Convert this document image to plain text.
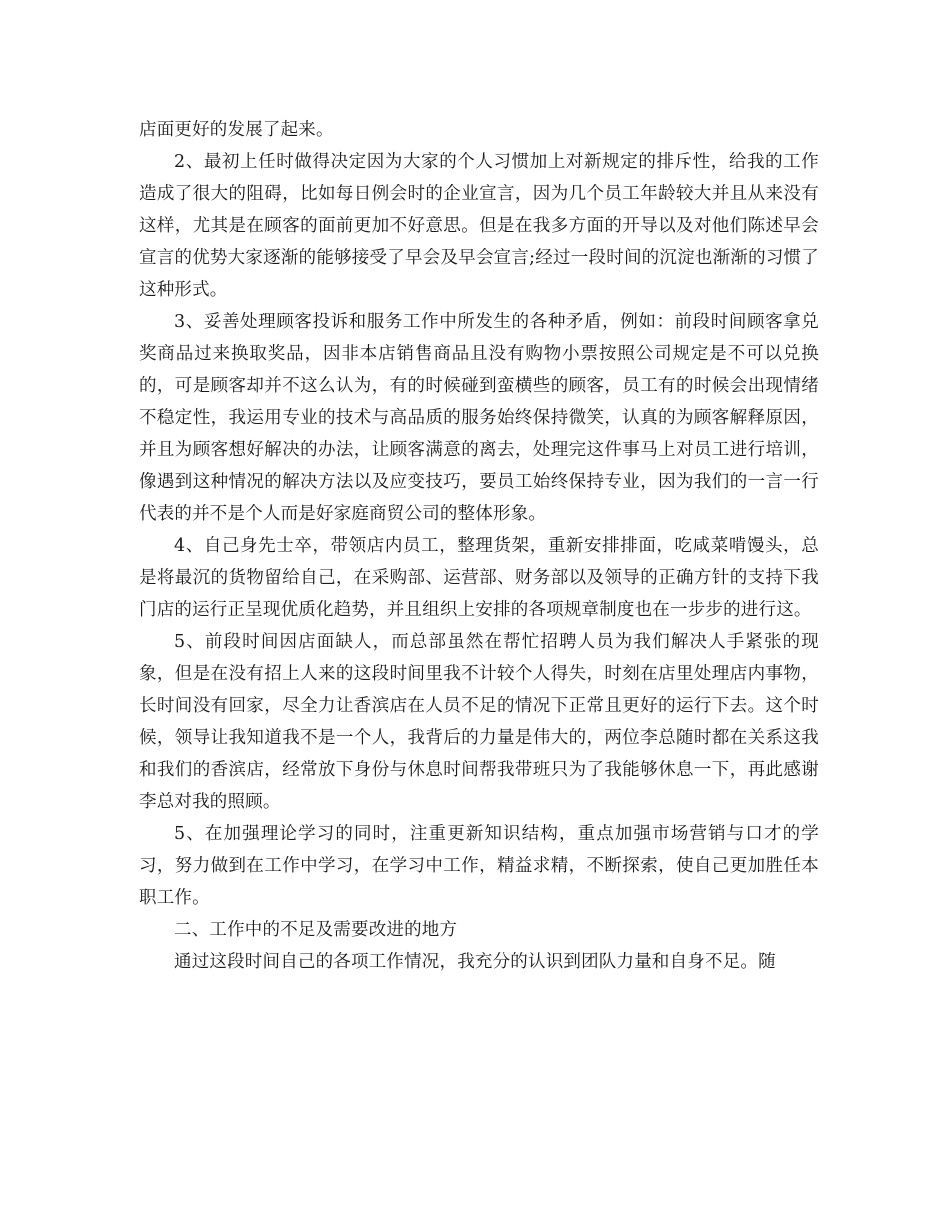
店面更好的发展了起来。

2、最初上任时做得决定因为大家的个人习惯加上对新规定的排斥性，给我的工作造成了很大的阻碍，比如每日例会时的企业宣言，因为几个员工年龄较大并且从来没有这样，尤其是在顾客的面前更加不好意思。但是在我多方面的开导以及对他们陈述早会宣言的优势大家逐渐的能够接受了早会及早会宣言;经过一段时间的沉淀也渐渐的习惯了这种形式。

3、妥善处理顾客投诉和服务工作中所发生的各种矛盾，例如：前段时间顾客拿兑奖商品过来换取奖品，因非本店销售商品且没有购物小票按照公司规定是不可以兑换的，可是顾客却并不这么认为，有的时候碰到蛮横些的顾客，员工有的时候会出现情绪不稳定性，我运用专业的技术与高品质的服务始终保持微笑，认真的为顾客解释原因，并且为顾客想好解决的办法，让顾客满意的离去，处理完这件事马上对员工进行培训，像遇到这种情况的解决方法以及应变技巧，要员工始终保持专业，因为我们的一言一行代表的并不是个人而是好家庭商贸公司的整体形象。

4、自己身先士卒，带领店内员工，整理货架，重新安排排面，吃咸菜啃馒头，总是将最沉的货物留给自己，在采购部、运营部、财务部以及领导的正确方针的支持下我门店的运行正呈现优质化趋势，并且组织上安排的各项规章制度也在一步步的进行这。

5、前段时间因店面缺人，而总部虽然在帮忙招聘人员为我们解决人手紧张的现象，但是在没有招上人来的这段时间里我不计较个人得失，时刻在店里处理店内事物，长时间没有回家，尽全力让香滨店在人员不足的情况下正常且更好的运行下去。这个时候，领导让我知道我不是一个人，我背后的力量是伟大的，两位李总随时都在关系这我和我们的香滨店，经常放下身份与休息时间帮我带班只为了我能够休息一下，再此感谢李总对我的照顾。

5、在加强理论学习的同时，注重更新知识结构，重点加强市场营销与口才的学习，努力做到在工作中学习，在学习中工作，精益求精，不断探索，使自己更加胜任本职工作。

二、工作中的不足及需要改进的地方

通过这段时间自己的各项工作情况，我充分的认识到团队力量和自身不足。随
